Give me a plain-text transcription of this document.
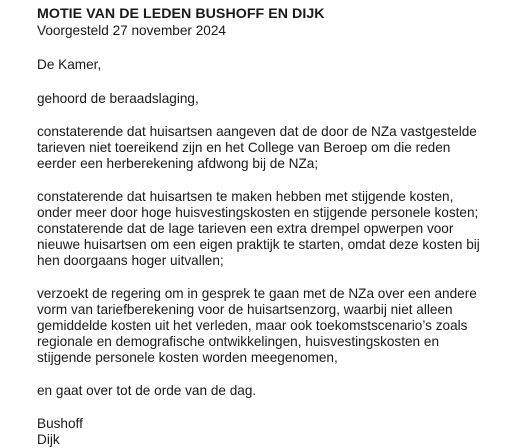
MOTIE VAN DE LEDEN BUSHOFF EN DIJK

Voorgesteld 27 november 2024

De Kamer,

gehoord de beraadslaging,

constaterende dat huisartsen aangeven dat de door de NZa vastgestelde
tarieven niet toereikend zijn en het College van Beroep om die reden
eerder een herberekening afdwong bij de NZa;
constaterende dat huisartsen te maken hebben met stijgende kosten,
onder meer door hoge huisvestingskosten en stijgende personele kosten;
constaterende dat de lage tarieven een extra drempel opwerpen voor
nieuwe huisartsen om een eigen praktijk te starten, omdat deze kosten bij
hen doorgaans hoger uitvallen;
verzoekt de regering om in gesprek te gaan met de NZa over een andere
vorm van tariefberekening voor de huisartsenzorg, waarbij niet alleen
gemiddelde kosten uit het verleden, maar ook toekomstscenario’s zoals
regionale en demografische ontwikkelingen, huisvestingskosten en
stijgende personele kosten worden meegenomen,

en gaat over tot de orde van de dag.

Bushoff
Dijk
